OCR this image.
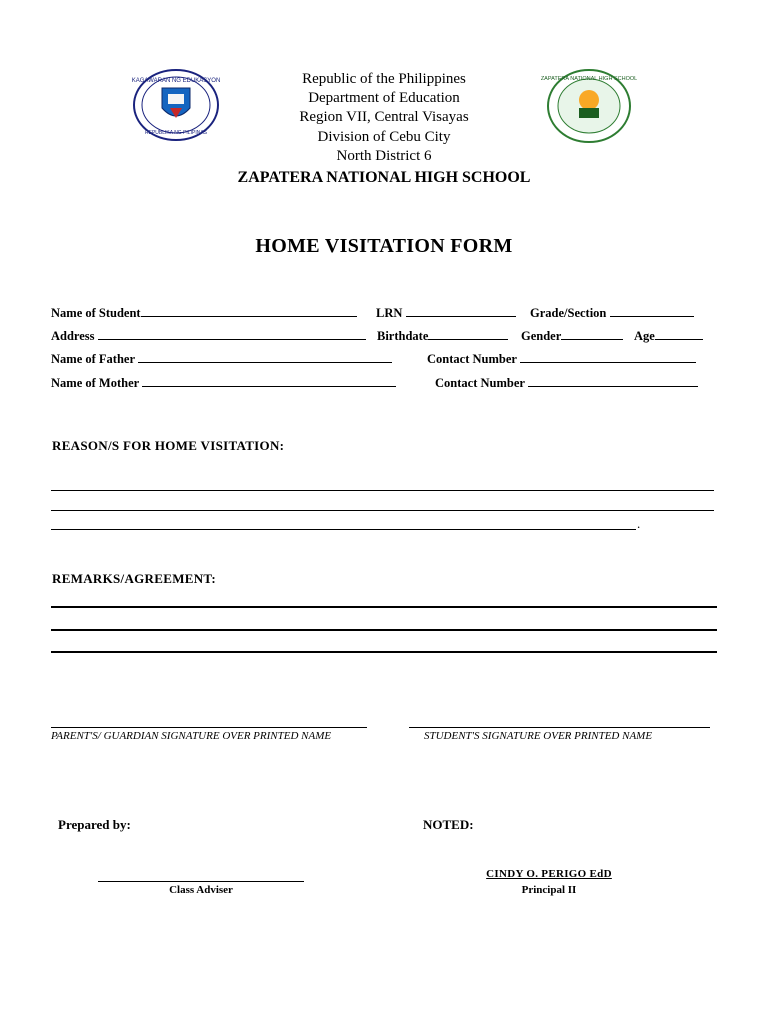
KAGAWARAN NG EDUKASYON
REPUBLIKA NG PILIPINAS
ZAPATERA NATIONAL HIGH SCHOOL
Republic of the Philippines
Department of Education
Region VII, Central Visayas
Division of Cebu City
North District 6
ZAPATERA NATIONAL HIGH SCHOOL
HOME VISITATION FORM
Name of Student	LRN	Grade/Section
Address	Birthdate	Gender	Age
Name of Father	Contact Number
Name of Mother	Contact Number
REASON/S FOR HOME VISITATION:
.
REMARKS/AGREEMENT:
PARENT'S/ GUARDIAN SIGNATURE OVER PRINTED NAME	STUDENT'S SIGNATURE OVER PRINTED NAME
Prepared by:	NOTED:
Class Adviser
CINDY O. PERIGO EdD
Principal II
